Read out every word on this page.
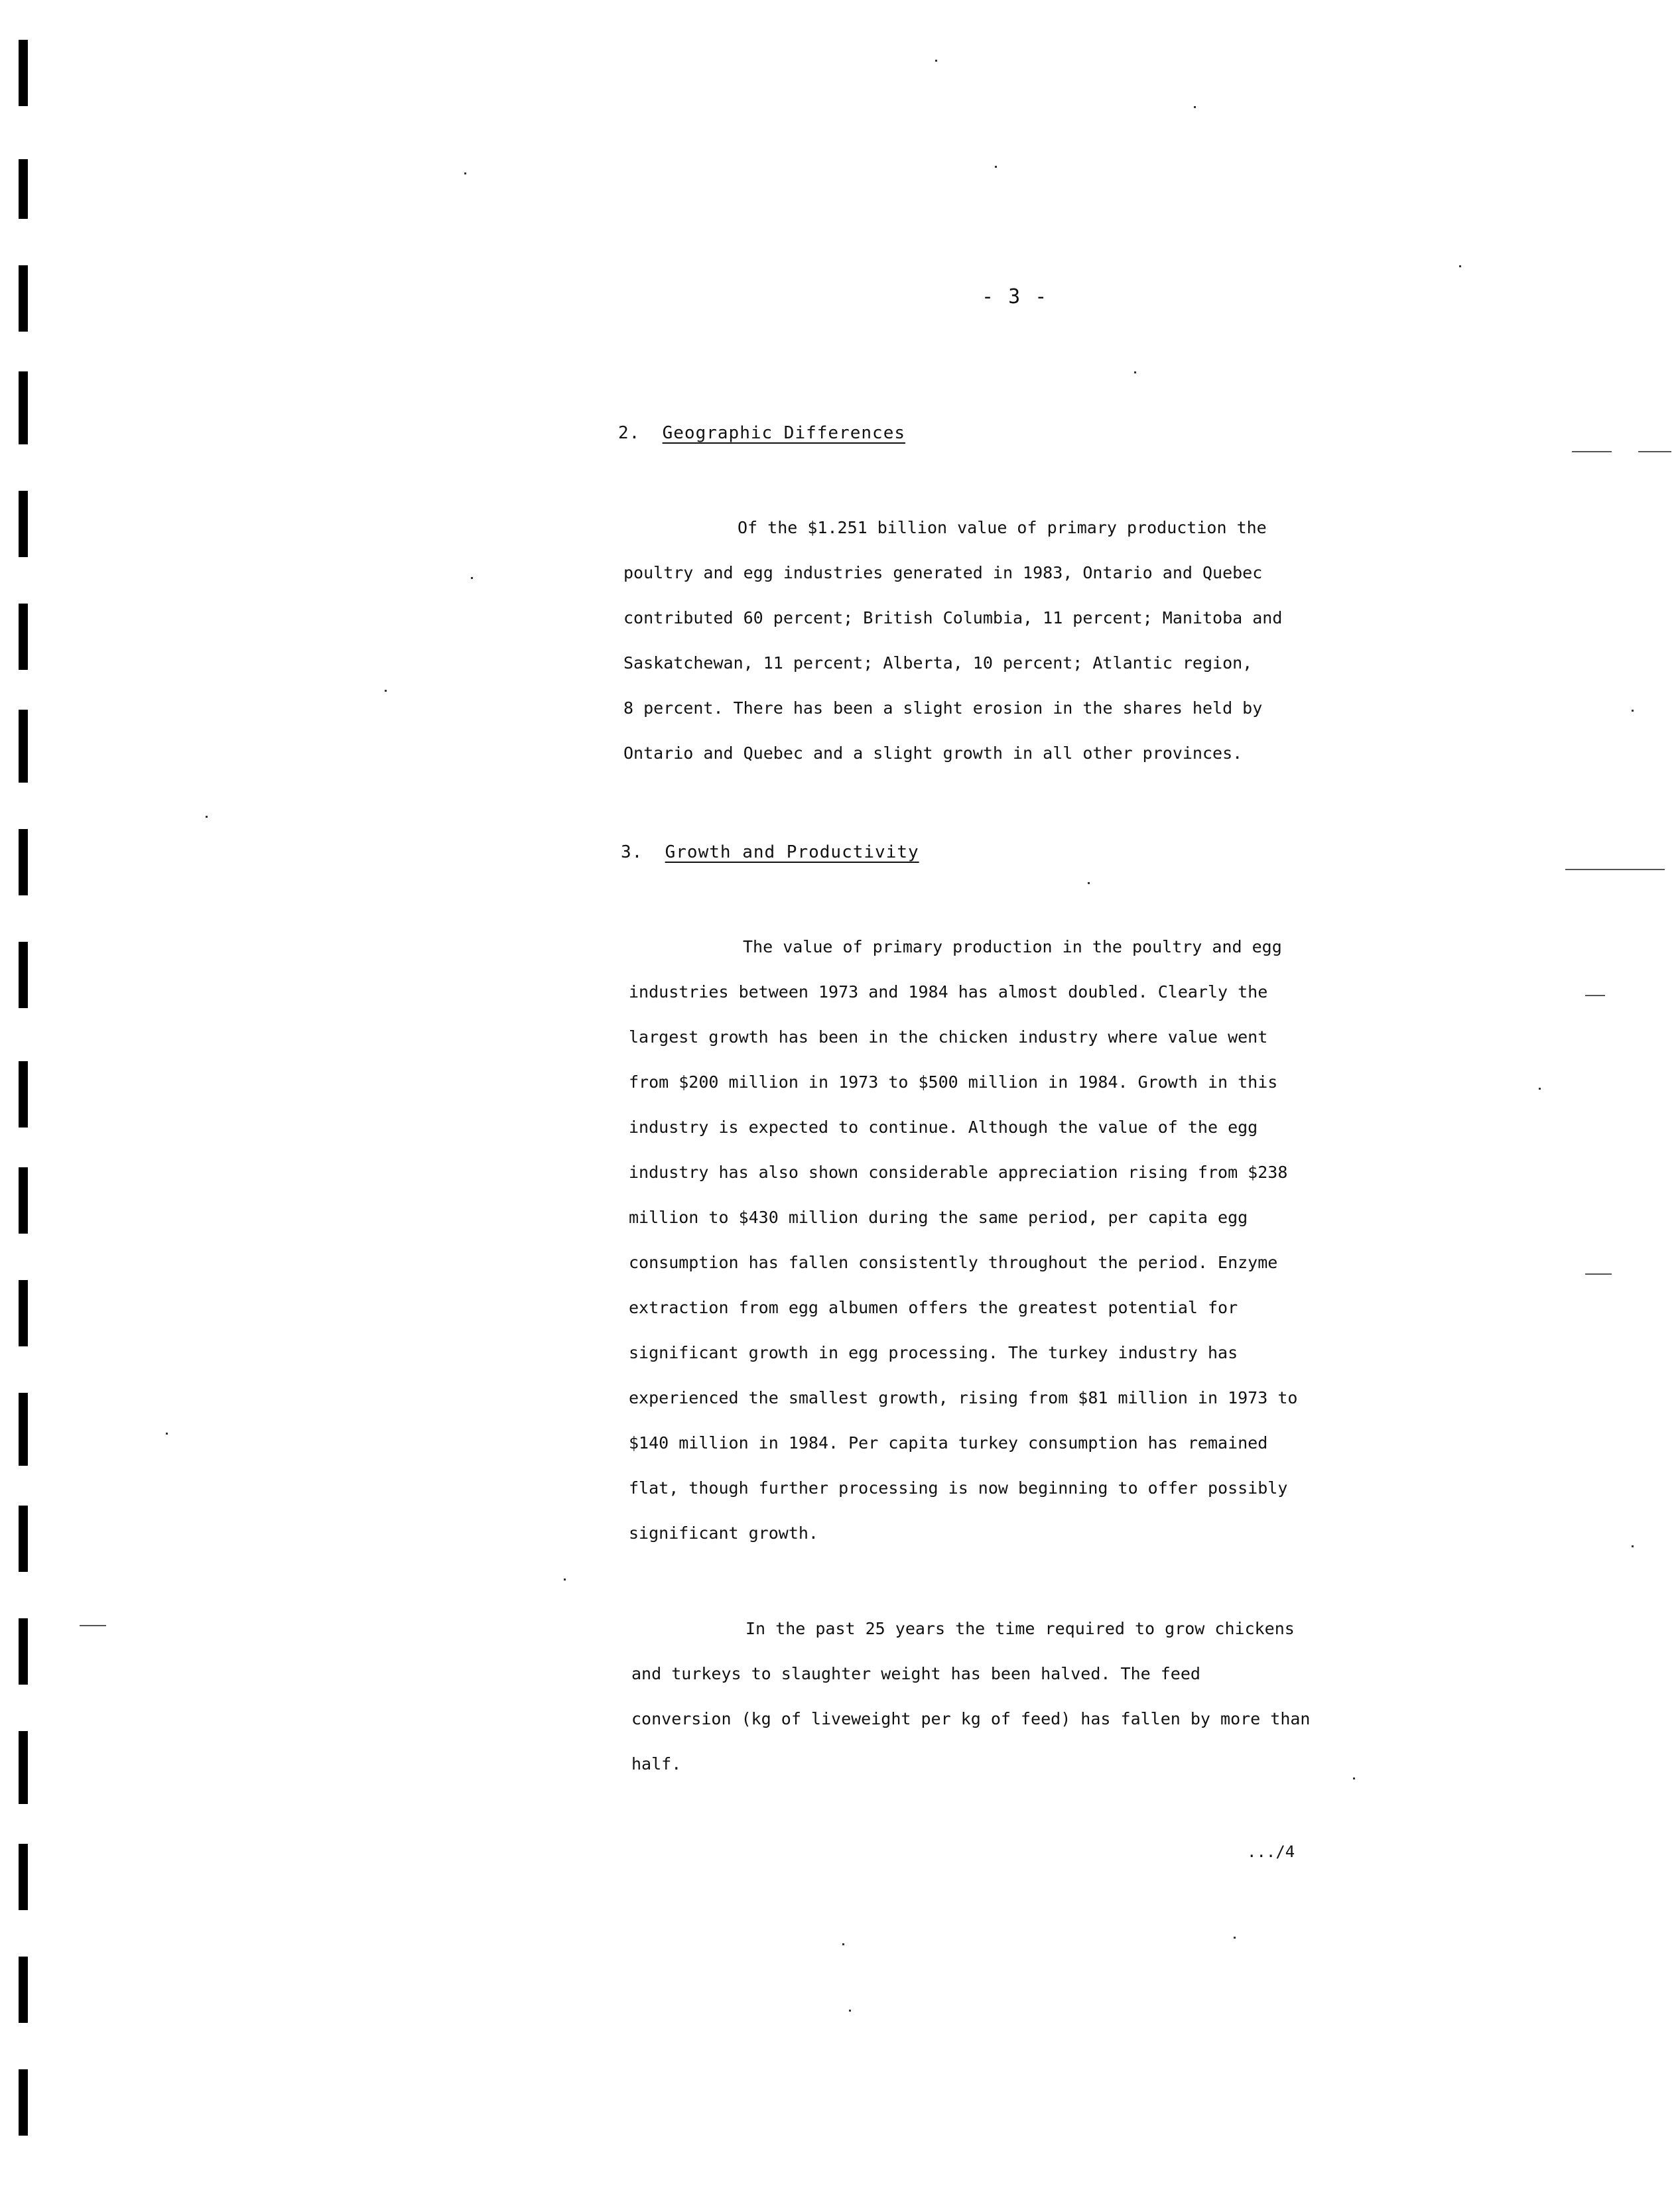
- 3 -
2. Geographic Differences
Of the $1.251 billion value of primary production the
poultry and egg industries generated in 1983, Ontario and Quebec
contributed 60 percent; British Columbia, 11 percent; Manitoba and
Saskatchewan, 11 percent; Alberta, 10 percent; Atlantic region,
8 percent. There has been a slight erosion in the shares held by
Ontario and Quebec and a slight growth in all other provinces.
3. Growth and Productivity
The value of primary production in the poultry and egg
industries between 1973 and 1984 has almost doubled. Clearly the
largest growth has been in the chicken industry where value went
from $200 million in 1973 to $500 million in 1984. Growth in this
industry is expected to continue. Although the value of the egg
industry has also shown considerable appreciation rising from $238
million to $430 million during the same period, per capita egg
consumption has fallen consistently throughout the period. Enzyme
extraction from egg albumen offers the greatest potential for
significant growth in egg processing. The turkey industry has
experienced the smallest growth, rising from $81 million in 1973 to
$140 million in 1984. Per capita turkey consumption has remained
flat, though further processing is now beginning to offer possibly
significant growth.
In the past 25 years the time required to grow chickens
and turkeys to slaughter weight has been halved. The feed
conversion (kg of liveweight per kg of feed) has fallen by more than
half.
.../4
